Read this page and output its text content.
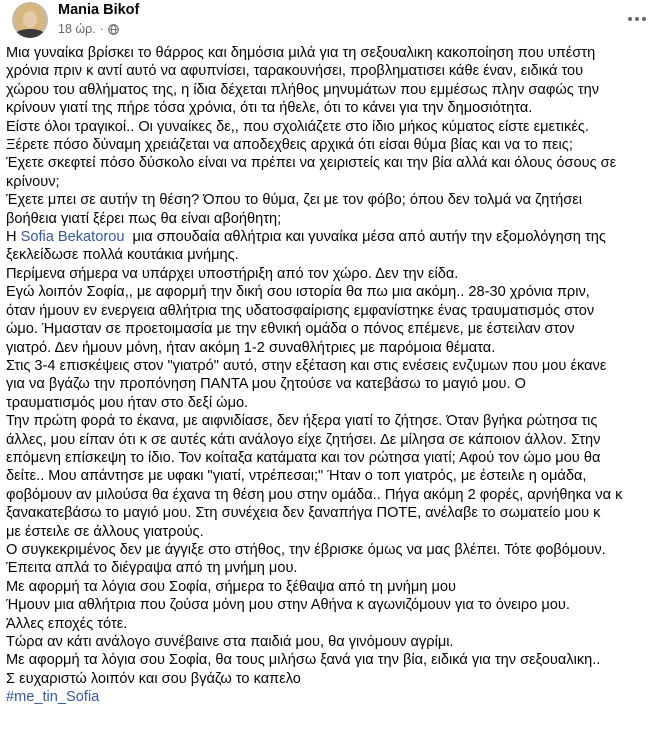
Mania Bikof
18 ώρ. ·

Μια γυναίκα βρίσκει το θάρρος και δημόσια μιλά για τη σεξουαλικη κακοποίηση που υπέστη

χρόνια πριν κ αντί αυτό να αφυπνίσει, ταρακουνήσει, προβληματισει κάθε έναν, ειδικά του

χώρου του αθλήματος της, η ίδια δέχεται πλήθος μηνυμάτων που εμμέσως πλην σαφώς την

κρίνουν γιατί της πήρε τόσα χρόνια, ότι τα ήθελε, ότι το κάνει για την δημοσιότητα.

Είστε όλοι τραγικοί.. Οι γυναίκες δε,, που σχολιάζετε στο ίδιο μήκος κύματος είστε εμετικές.

Ξέρετε πόσο δύναμη χρειάζεται να αποδεχθεις αρχικά ότι είσαι θύμα βίας και να το πεις;

Έχετε σκεφτεί πόσο δύσκολο είναι να πρέπει να χειριστείς και την βία αλλά και όλους όσους σε

κρίνουν;

Έχετε μπει σε αυτήν τη θέση? Όπου το θύμα, ζει με τον φόβο; όπου δεν τολμά να ζητήσει

βοήθεια γιατί ξέρει πως θα είναι αβοήθητη;

Η Sofia Bekatorou  μια σπουδαία αθλήτρια και γυναίκα μέσα από αυτήν την εξομολόγηση της

ξεκλείδωσε πολλά κουτάκια μνήμης.

Περίμενα σήμερα να υπάρχει υποστήριξη από τον χώρο. Δεν την είδα.

Εγώ λοιπόν Σοφία,, με αφορμή την δική σου ιστορία θα πω μια ακόμη.. 28-30 χρόνια πριν,

όταν ήμουν εν ενεργεια αθλήτρια της υδατοσφαίρισης εμφανίστηκε ένας τραυματισμός στον

ώμο. Ήμασταν σε προετοιμασία με την εθνική ομάδα ο πόνος επέμενε, με έστειλαν στον

γιατρό. Δεν ήμουν μόνη, ήταν ακόμη 1-2 συναθλήτριες με παρόμοια θέματα.

Στις 3-4 επισκέψεις στον "γιατρό" αυτό, στην εξέταση και στις ενέσεις ενζυμων που μου έκανε

για να βγάζω την προπόνηση ΠΑΝΤΑ μου ζητούσε να κατεβάσω το μαγιό μου. Ο

τραυματισμός μου ήταν στο δεξί ώμο.

Την πρώτη φορά το έκανα, με αιφνιδίασε, δεν ήξερα γιατί το ζήτησε. Όταν βγήκα ρώτησα τις

άλλες, μου είπαν ότι κ σε αυτές κάτι ανάλογο είχε ζητήσει. Δε μίλησα σε κάποιον άλλον. Στην

επόμενη επίσκεψη το ίδιο. Τον κοίταξα κατάματα και τον ρώτησα γιατί; Αφού τον ώμο μου θα

δείτε.. Μου απάντησε με υφακι "γιατί, ντρέπεσαι;" Ήταν ο τοπ γιατρός, με έστειλε η ομάδα,

φοβόμουν αν μιλούσα θα έχανα τη θέση μου στην ομάδα.. Πήγα ακόμη 2 φορές, αρνήθηκα να κ

ξανακατεβάσω το μαγιό μου. Στη συνέχεια δεν ξαναπήγα ΠΟΤΕ, ανέλαβε το σωματείο μου κ

με έστειλε σε άλλους γιατρούς.

Ο συγκεκριμένος δεν με άγγιξε στο στήθος, την έβρισκε όμως να μας βλέπει. Τότε φοβόμουν.

Έπειτα απλά το διέγραψα από τη μνήμη μου.

Με αφορμή τα λόγια σου Σοφία, σήμερα το ξέθαψα από τη μνήμη μου

Ήμουν μια αθλήτρια που ζούσα μόνη μου στην Αθήνα κ αγωνιζόμουν για το όνειρο μου.

Άλλες εποχές τότε.

Τώρα αν κάτι ανάλογο συνέβαινε στα παιδιά μου, θα γινόμουν αγρίμι.

Με αφορμή τα λόγια σου Σοφία, θα τους μιλήσω ξανά για την βία, ειδικά για την σεξουαλικη..

Σ ευχαριστώ λοιπόν και σου βγάζω το καπελο

#me_tin_Sofia
